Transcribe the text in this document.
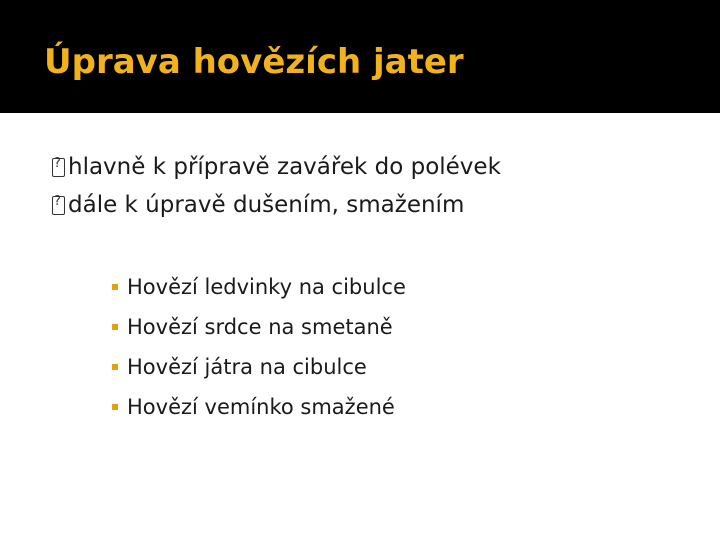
Úprava hovězích jater
?
hlavně k přípravě zavářek do polévek
?
dále k úpravě dušením, smažením
Hovězí ledvinky na cibulce
Hovězí srdce na smetaně
Hovězí játra na cibulce
Hovězí vemínko smažené
